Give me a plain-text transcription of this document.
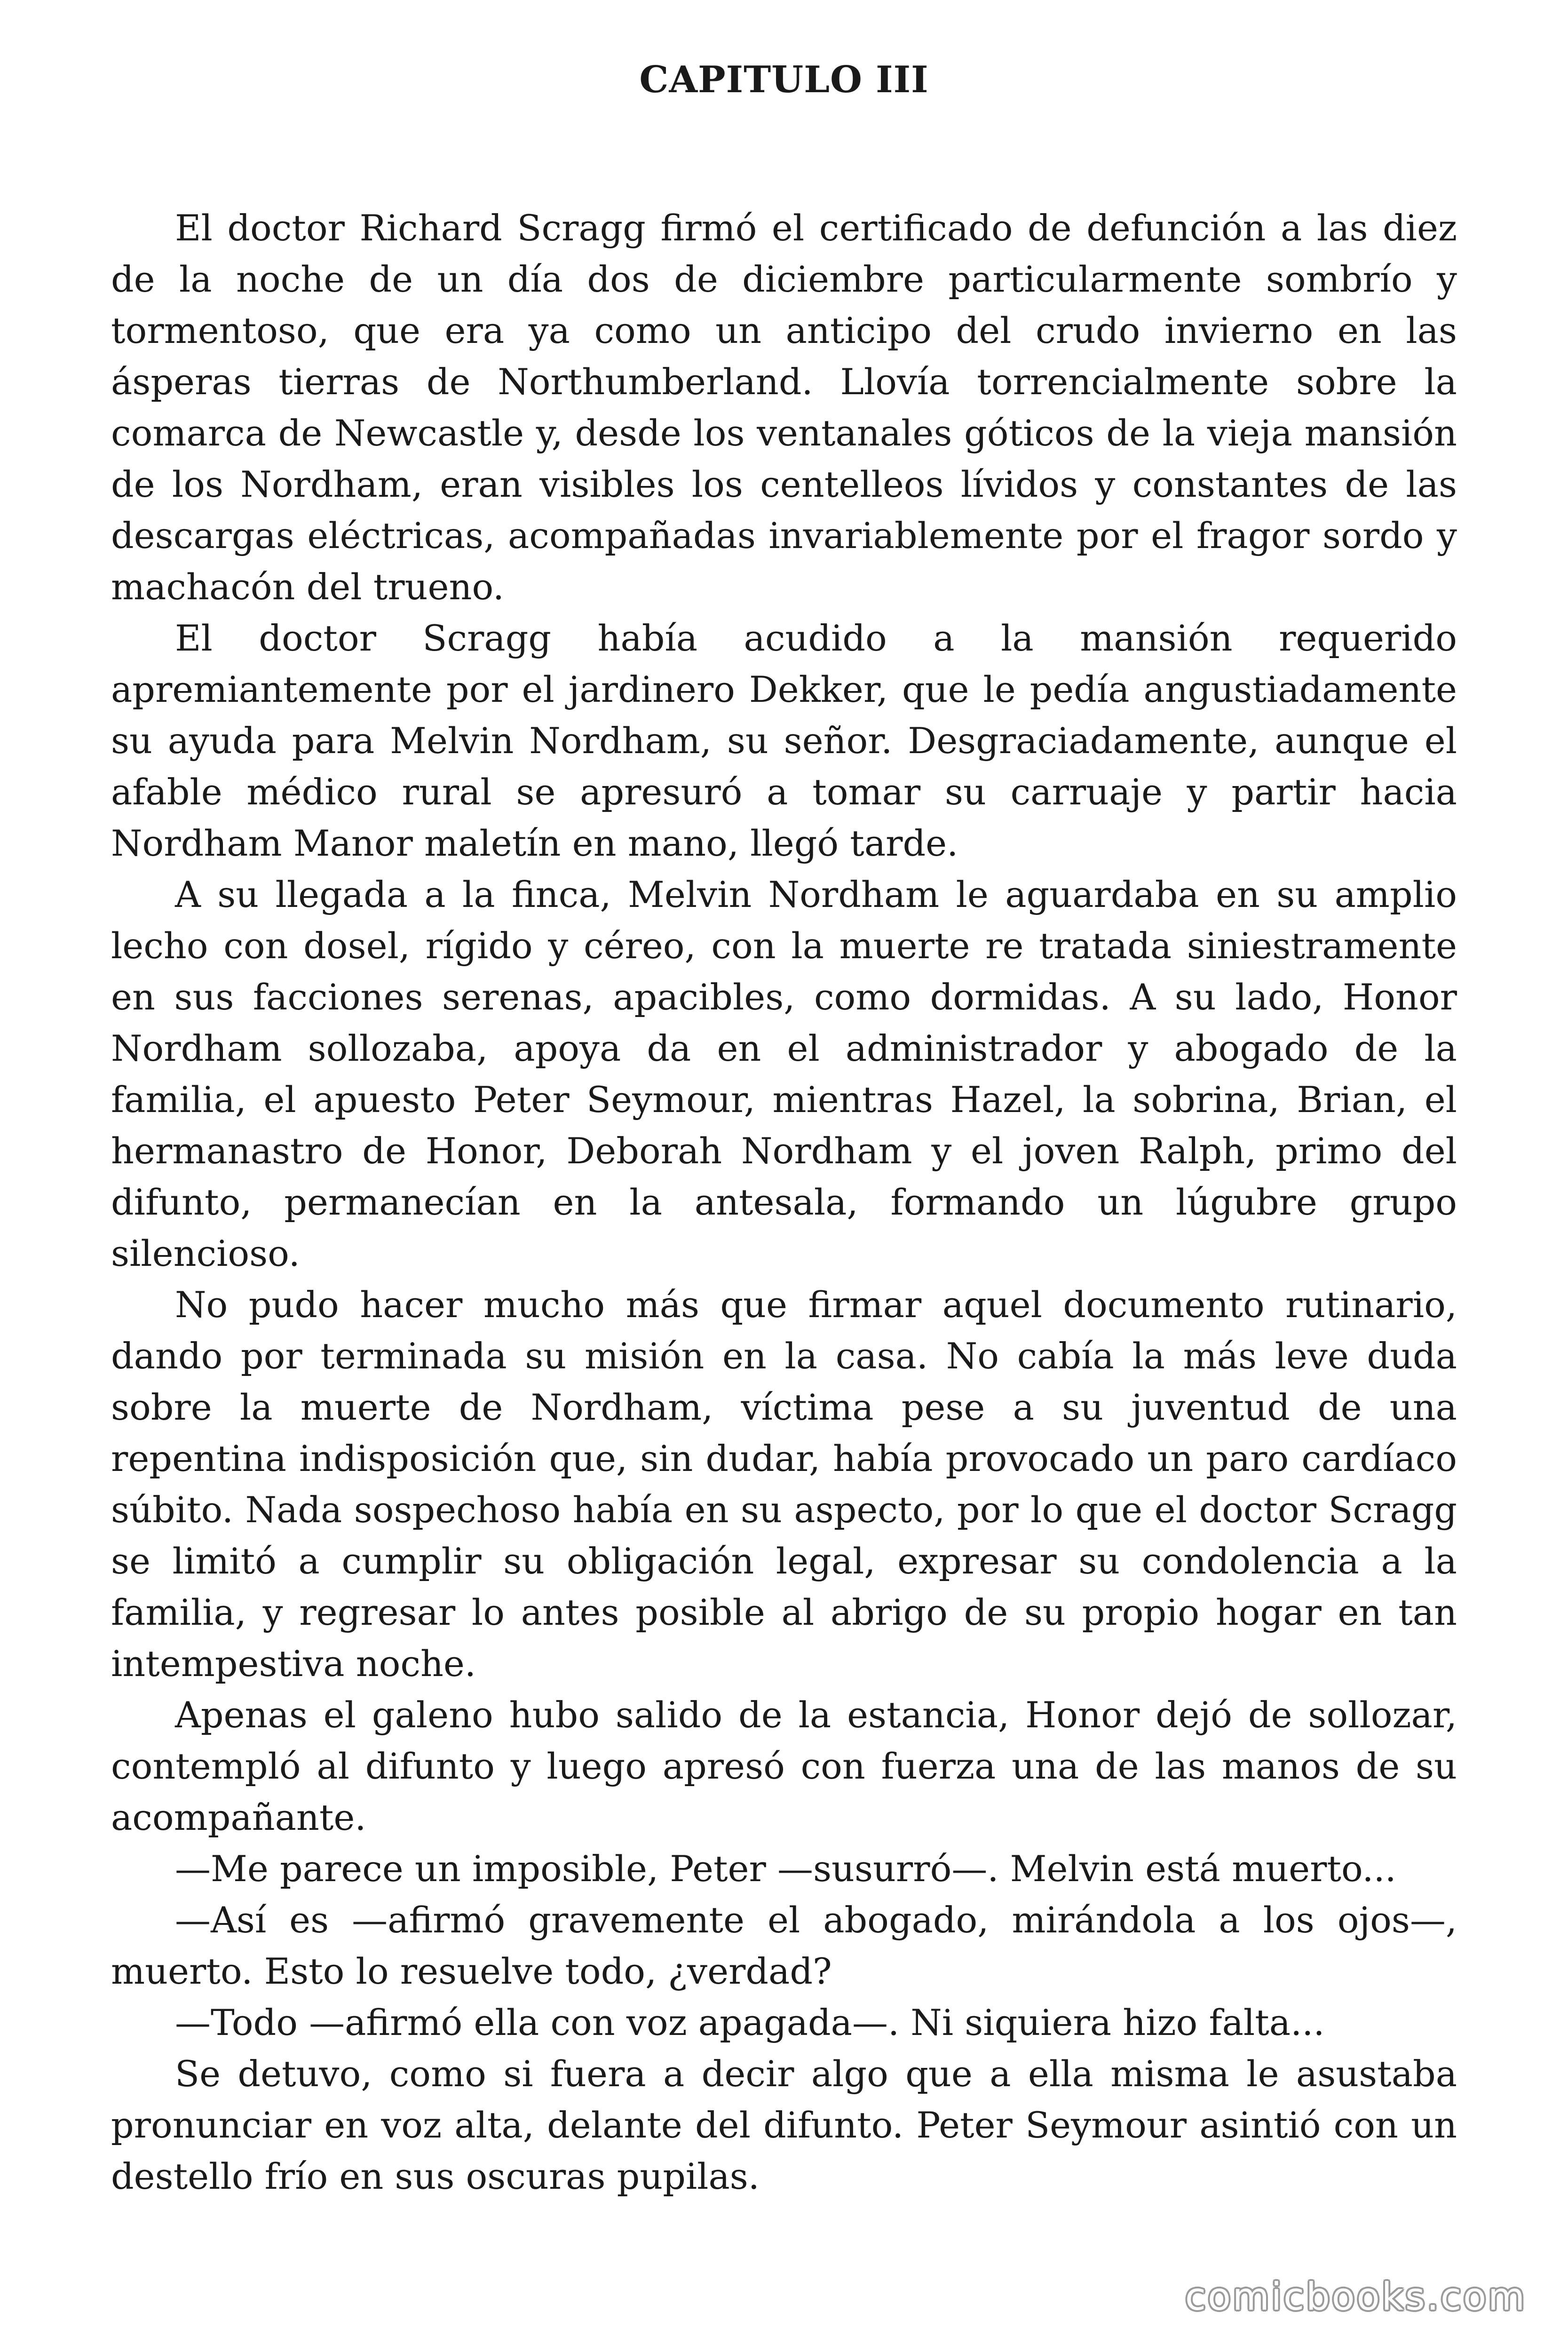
CAPITULO III

El doctor Richard Scragg firmó el certificado de defunción a las diez de la noche de un día dos de diciembre particularmente sombrío y tormentoso, que era ya como un anticipo del crudo invierno en las ásperas tierras de Northumberland. Llovía torrencialmente sobre la comarca de Newcastle y, desde los ventanales góticos de la vieja mansión de los Nordham, eran visibles los centelleos lívidos y constantes de las descargas eléctricas, acompañadas invariablemente por el fragor sordo y machacón del trueno.

El doctor Scragg había acudido a la mansión requerido apremiantemente por el jardinero Dekker, que le pedía angustiadamente su ayuda para Melvin Nordham, su señor. Desgraciadamente, aunque el afable médico rural se apresuró a tomar su carruaje y partir hacia Nordham Manor maletín en mano, llegó tarde.

A su llegada a la finca, Melvin Nordham le aguardaba en su amplio lecho con dosel, rígido y céreo, con la muerte re tratada siniestramente en sus facciones serenas, apacibles, como dormidas. A su lado, Honor Nordham sollozaba, apoya da en el administrador y abogado de la familia, el apuesto Peter Seymour, mientras Hazel, la sobrina, Brian, el hermanastro de Honor, Deborah Nordham y el joven Ralph, primo del difunto, permanecían en la antesala, formando un lúgubre grupo silencioso.

No pudo hacer mucho más que firmar aquel documento rutinario, dando por terminada su misión en la casa. No cabía la más leve duda sobre la muerte de Nordham, víctima pese a su juventud de una repentina indisposición que, sin dudar, había provocado un paro cardíaco súbito. Nada sospechoso había en su aspecto, por lo que el doctor Scragg se limitó a cumplir su obligación legal, expresar su condolencia a la familia, y regresar lo antes posible al abrigo de su propio hogar en tan intempestiva noche.

Apenas el galeno hubo salido de la estancia, Honor dejó de sollozar, contempló al difunto y luego apresó con fuerza una de las manos de su acompañante.

—Me parece un imposible, Peter —susurró—. Melvin está muerto...

—Así es —afirmó gravemente el abogado, mirándola a los ojos—, muerto. Esto lo resuelve todo, ¿verdad?

—Todo —afirmó ella con voz apagada—. Ni siquiera hizo falta...

Se detuvo, como si fuera a decir algo que a ella misma le asustaba pronunciar en voz alta, delante del difunto. Peter Seymour asintió con un destello frío en sus oscuras pupilas.

comicbooks.com
